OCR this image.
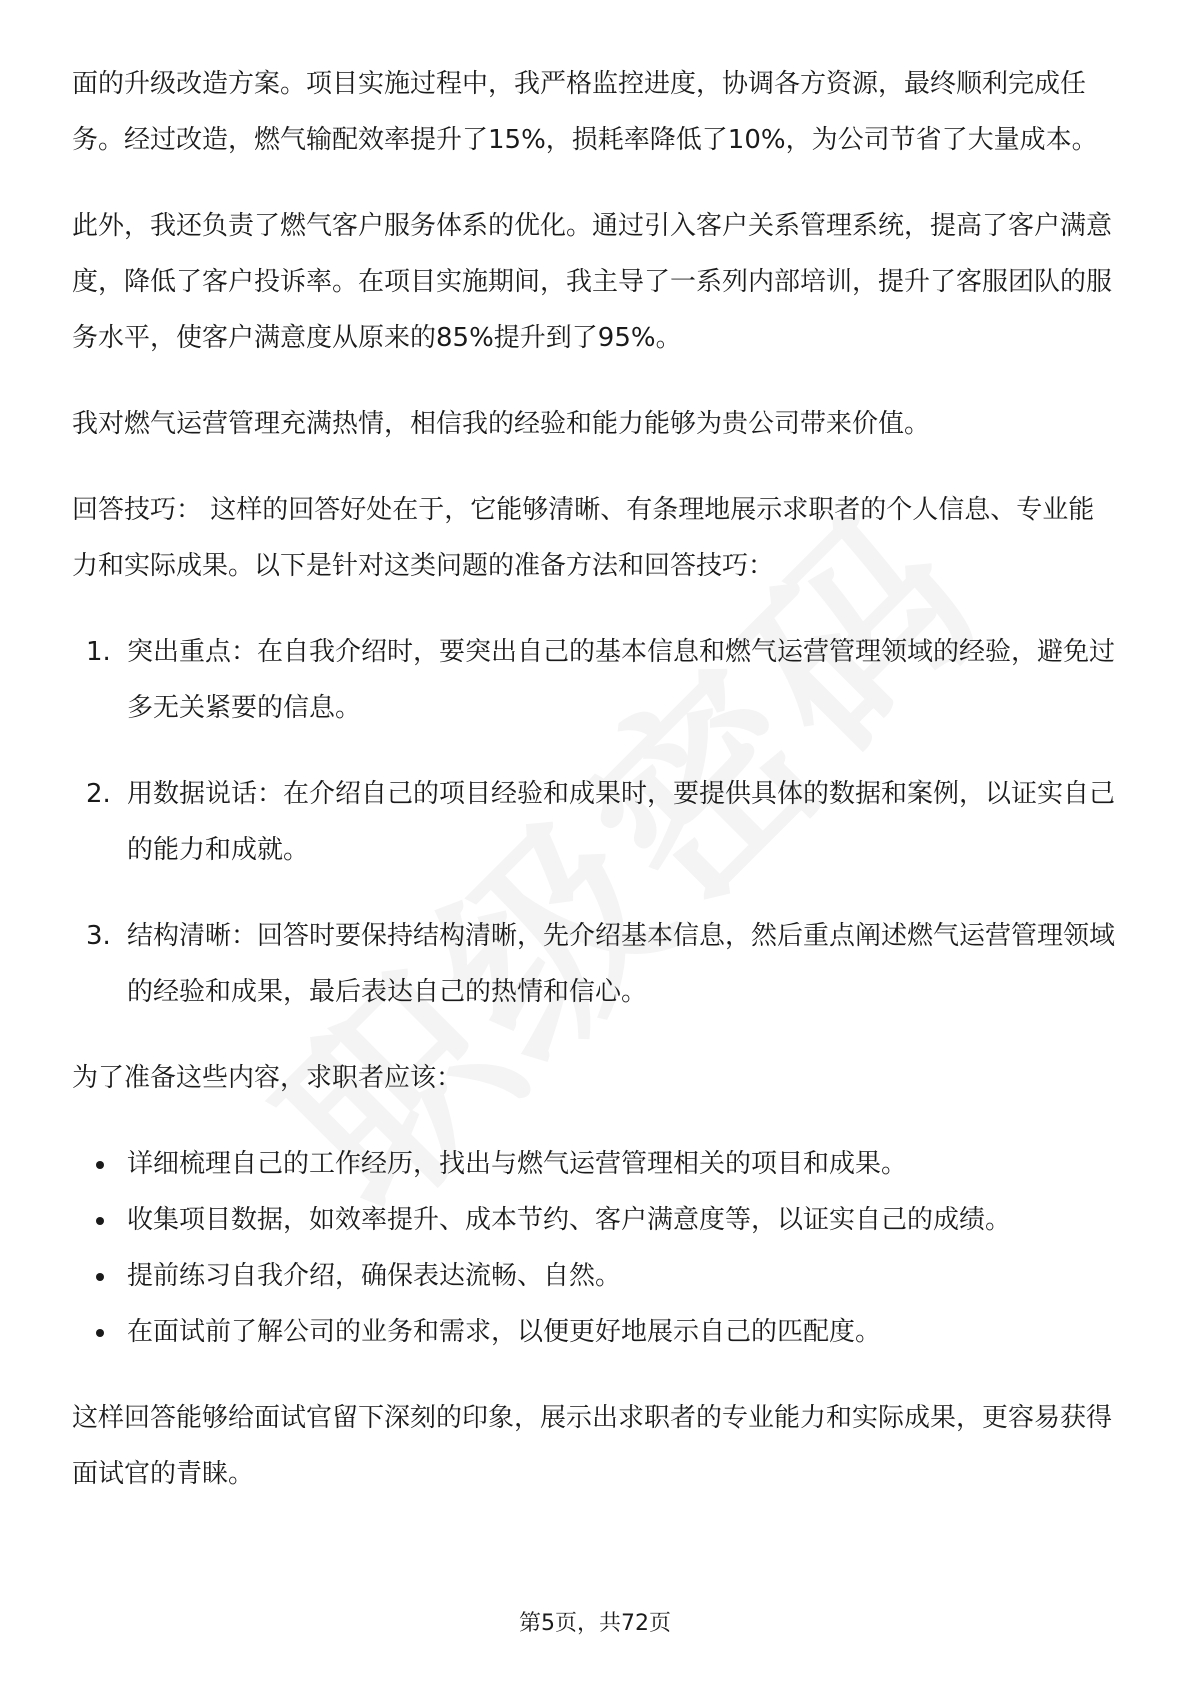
面的升级改造方案。项目实施过程中，我严格监控进度，协调各方资源，最终顺利完成任务。经过改造，燃气输配效率提升了15%，损耗率降低了10%，为公司节省了大量成本。

此外，我还负责了燃气客户服务体系的优化。通过引入客户关系管理系统，提高了客户满意度，降低了客户投诉率。在项目实施期间，我主导了一系列内部培训，提升了客服团队的服务水平，使客户满意度从原来的85%提升到了95%。

我对燃气运营管理充满热情，相信我的经验和能力能够为贵公司带来价值。

回答技巧： 这样的回答好处在于，它能够清晰、有条理地展示求职者的个人信息、专业能力和实际成果。以下是针对这类问题的准备方法和回答技巧：

1. 突出重点：在自我介绍时，要突出自己的基本信息和燃气运营管理领域的经验，避免过多无关紧要的信息。
2. 用数据说话：在介绍自己的项目经验和成果时，要提供具体的数据和案例，以证实自己的能力和成就。
3. 结构清晰：回答时要保持结构清晰，先介绍基本信息，然后重点阐述燃气运营管理领域的经验和成果，最后表达自己的热情和信心。

为了准备这些内容，求职者应该：

详细梳理自己的工作经历，找出与燃气运营管理相关的项目和成果。
收集项目数据，如效率提升、成本节约、客户满意度等，以证实自己的成绩。
提前练习自我介绍，确保表达流畅、自然。
在面试前了解公司的业务和需求，以便更好地展示自己的匹配度。

这样回答能够给面试官留下深刻的印象，展示出求职者的专业能力和实际成果，更容易获得面试官的青睐。

第5页，共72页
